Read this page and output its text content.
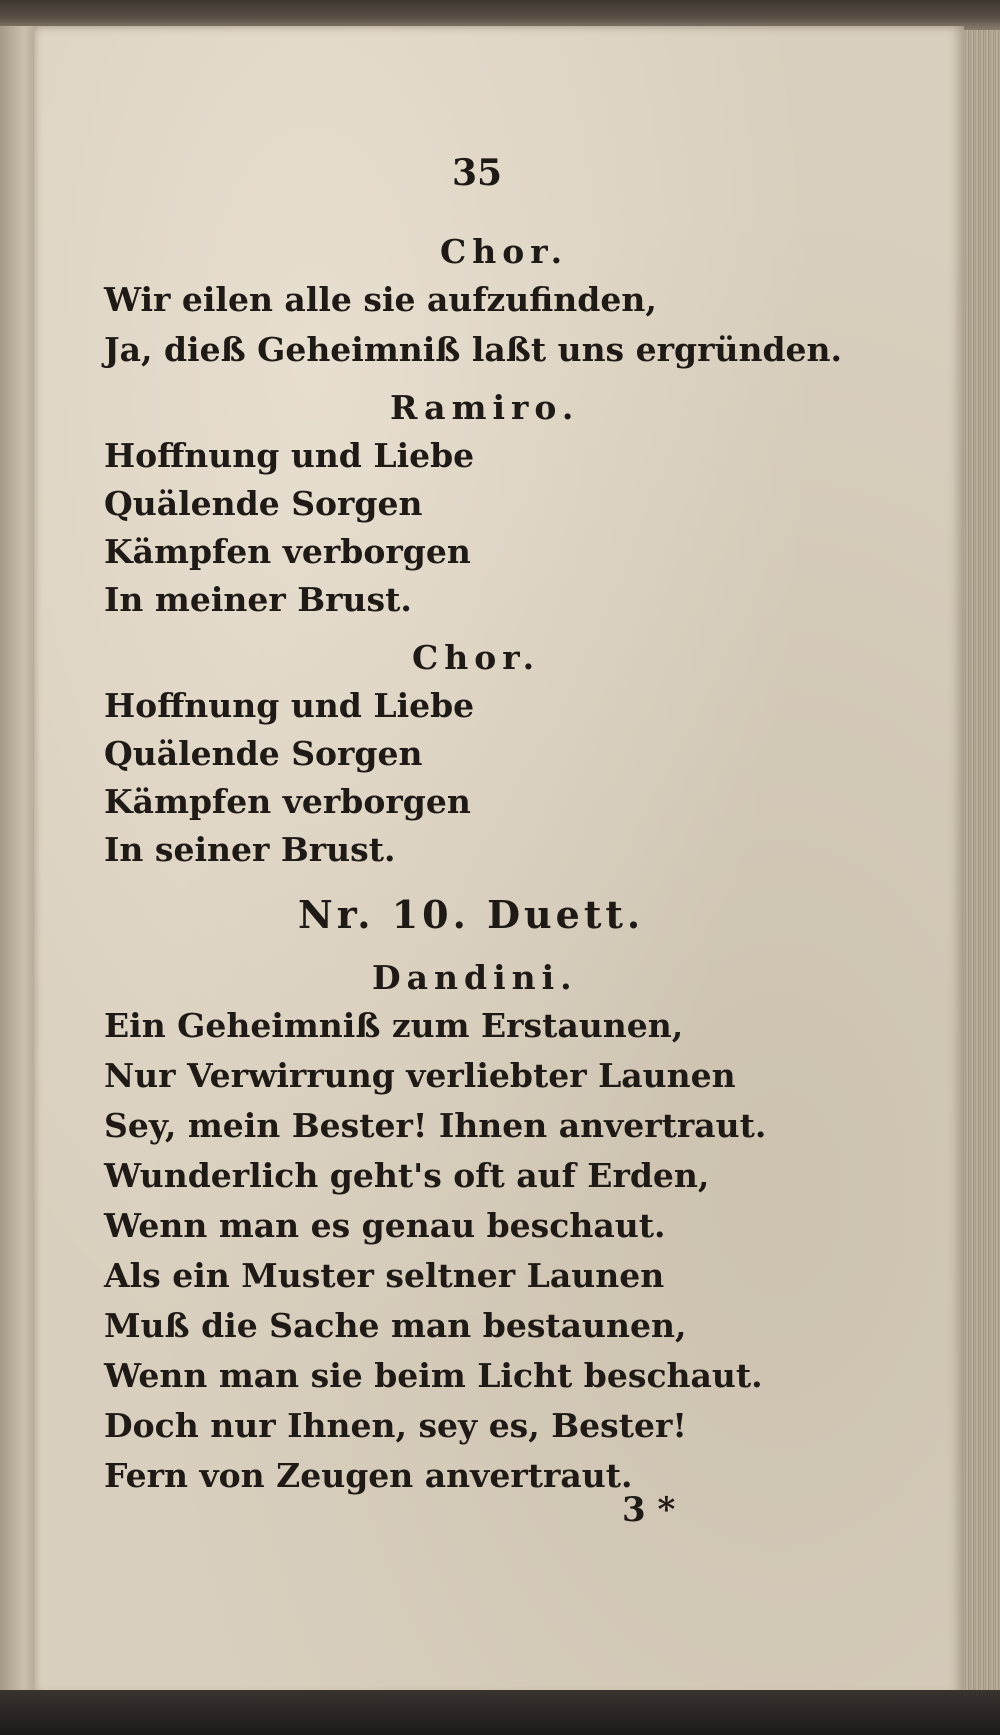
35

Chor.

Wir eilen alle sie aufzufinden,

Ja, dieß Geheimniß laßt uns ergründen.

Ramiro.

Hoffnung und Liebe

Quälende Sorgen

Kämpfen verborgen

In meiner Brust.

Chor.

Hoffnung und Liebe

Quälende Sorgen

Kämpfen verborgen

In seiner Brust.

Nr. 10. Duett.

Dandini.

Ein Geheimniß zum Erstaunen,

Nur Verwirrung verliebter Launen

Sey, mein Bester! Ihnen anvertraut.

Wunderlich geht's oft auf Erden,

Wenn man es genau beschaut.

Als ein Muster seltner Launen

Muß die Sache man bestaunen,

Wenn man sie beim Licht beschaut.

Doch nur Ihnen, sey es, Bester!

Fern von Zeugen anvertraut.

3 *
